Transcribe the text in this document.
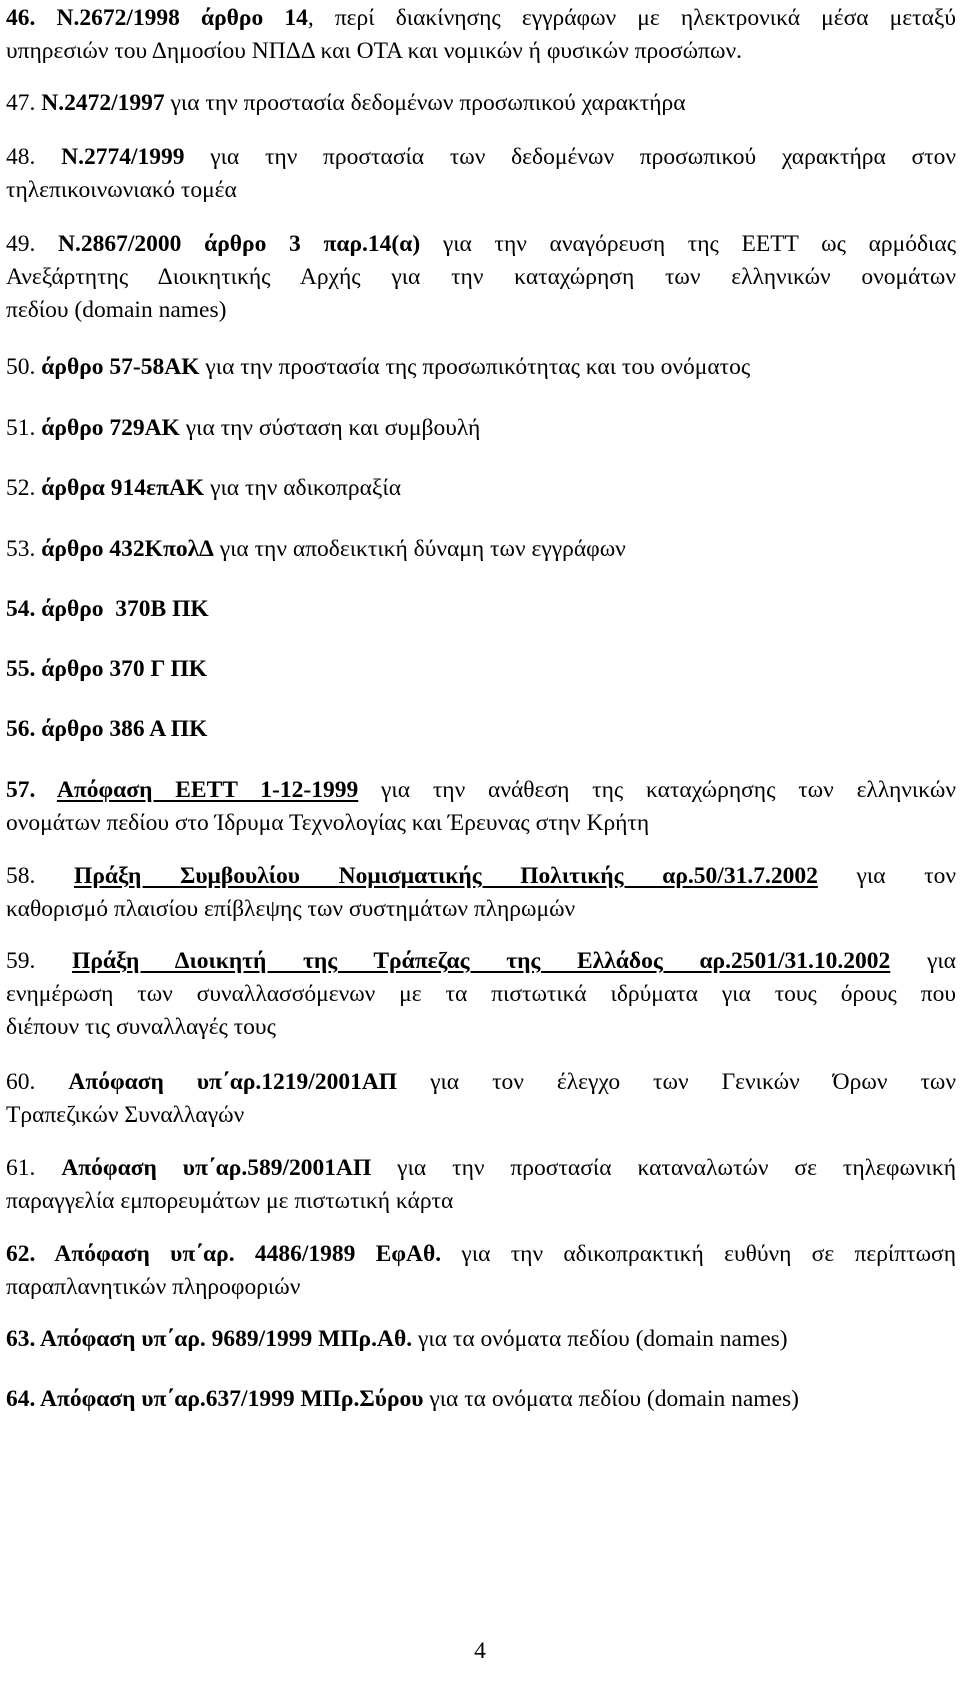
46. Ν.2672/1998 άρθρο 14, περί διακίνησης εγγράφων με ηλεκτρονικά μέσα μεταξύ
υπηρεσιών του Δημοσίου ΝΠΔΔ και ΟΤΑ και νομικών ή φυσικών προσώπων.
47. Ν.2472/1997 για την προστασία δεδομένων προσωπικού χαρακτήρα
48. Ν.2774/1999 για την προστασία των δεδομένων προσωπικού χαρακτήρα στον
τηλεπικοινωνιακό τομέα
49. Ν.2867/2000 άρθρο 3 παρ.14(α) για την αναγόρευση της ΕΕΤΤ ως αρμόδιας
Ανεξάρτητης Διοικητικής Αρχής για την καταχώρηση των ελληνικών ονομάτων
πεδίου (domain names)
50. άρθρο 57-58ΑΚ για την προστασία της προσωπικότητας και του ονόματος
51. άρθρο 729ΑΚ για την σύσταση και συμβουλή
52. άρθρα 914επΑΚ για την αδικοπραξία
53. άρθρο 432ΚπολΔ για την αποδεικτική δύναμη των εγγράφων
54. άρθρο  370Β ΠΚ
55. άρθρο 370 Γ ΠΚ
56. άρθρο 386 Α ΠΚ
57. Απόφαση ΕΕΤΤ 1-12-1999 για την ανάθεση της καταχώρησης των ελληνικών
ονομάτων πεδίου στο Ίδρυμα Τεχνολογίας και Έρευνας στην Κρήτη
58. Πράξη Συμβουλίου Νομισματικής Πολιτικής αρ.50/31.7.2002 για τον
καθορισμό πλαισίου επίβλεψης των συστημάτων πληρωμών
59. Πράξη Διοικητή της Τράπεζας της Ελλάδος αρ.2501/31.10.2002 για
ενημέρωση των συναλλασσόμενων με τα πιστωτικά ιδρύματα για τους όρους που
διέπουν τις συναλλαγές τους
60. Απόφαση υπ΄αρ.1219/2001ΑΠ για τον έλεγχο των Γενικών Όρων των
Τραπεζικών Συναλλαγών
61. Απόφαση υπ΄αρ.589/2001ΑΠ για την προστασία καταναλωτών σε τηλεφωνική
παραγγελία εμπορευμάτων με πιστωτική κάρτα
62. Απόφαση υπ΄αρ. 4486/1989 ΕφΑθ. για την αδικοπρακτική ευθύνη σε περίπτωση
παραπλανητικών πληροφοριών
63. Απόφαση υπ΄αρ. 9689/1999 ΜΠρ.Αθ. για τα ονόματα πεδίου (domain names)
64. Απόφαση υπ΄αρ.637/1999 ΜΠρ.Σύρου για τα ονόματα πεδίου (domain names)
4
